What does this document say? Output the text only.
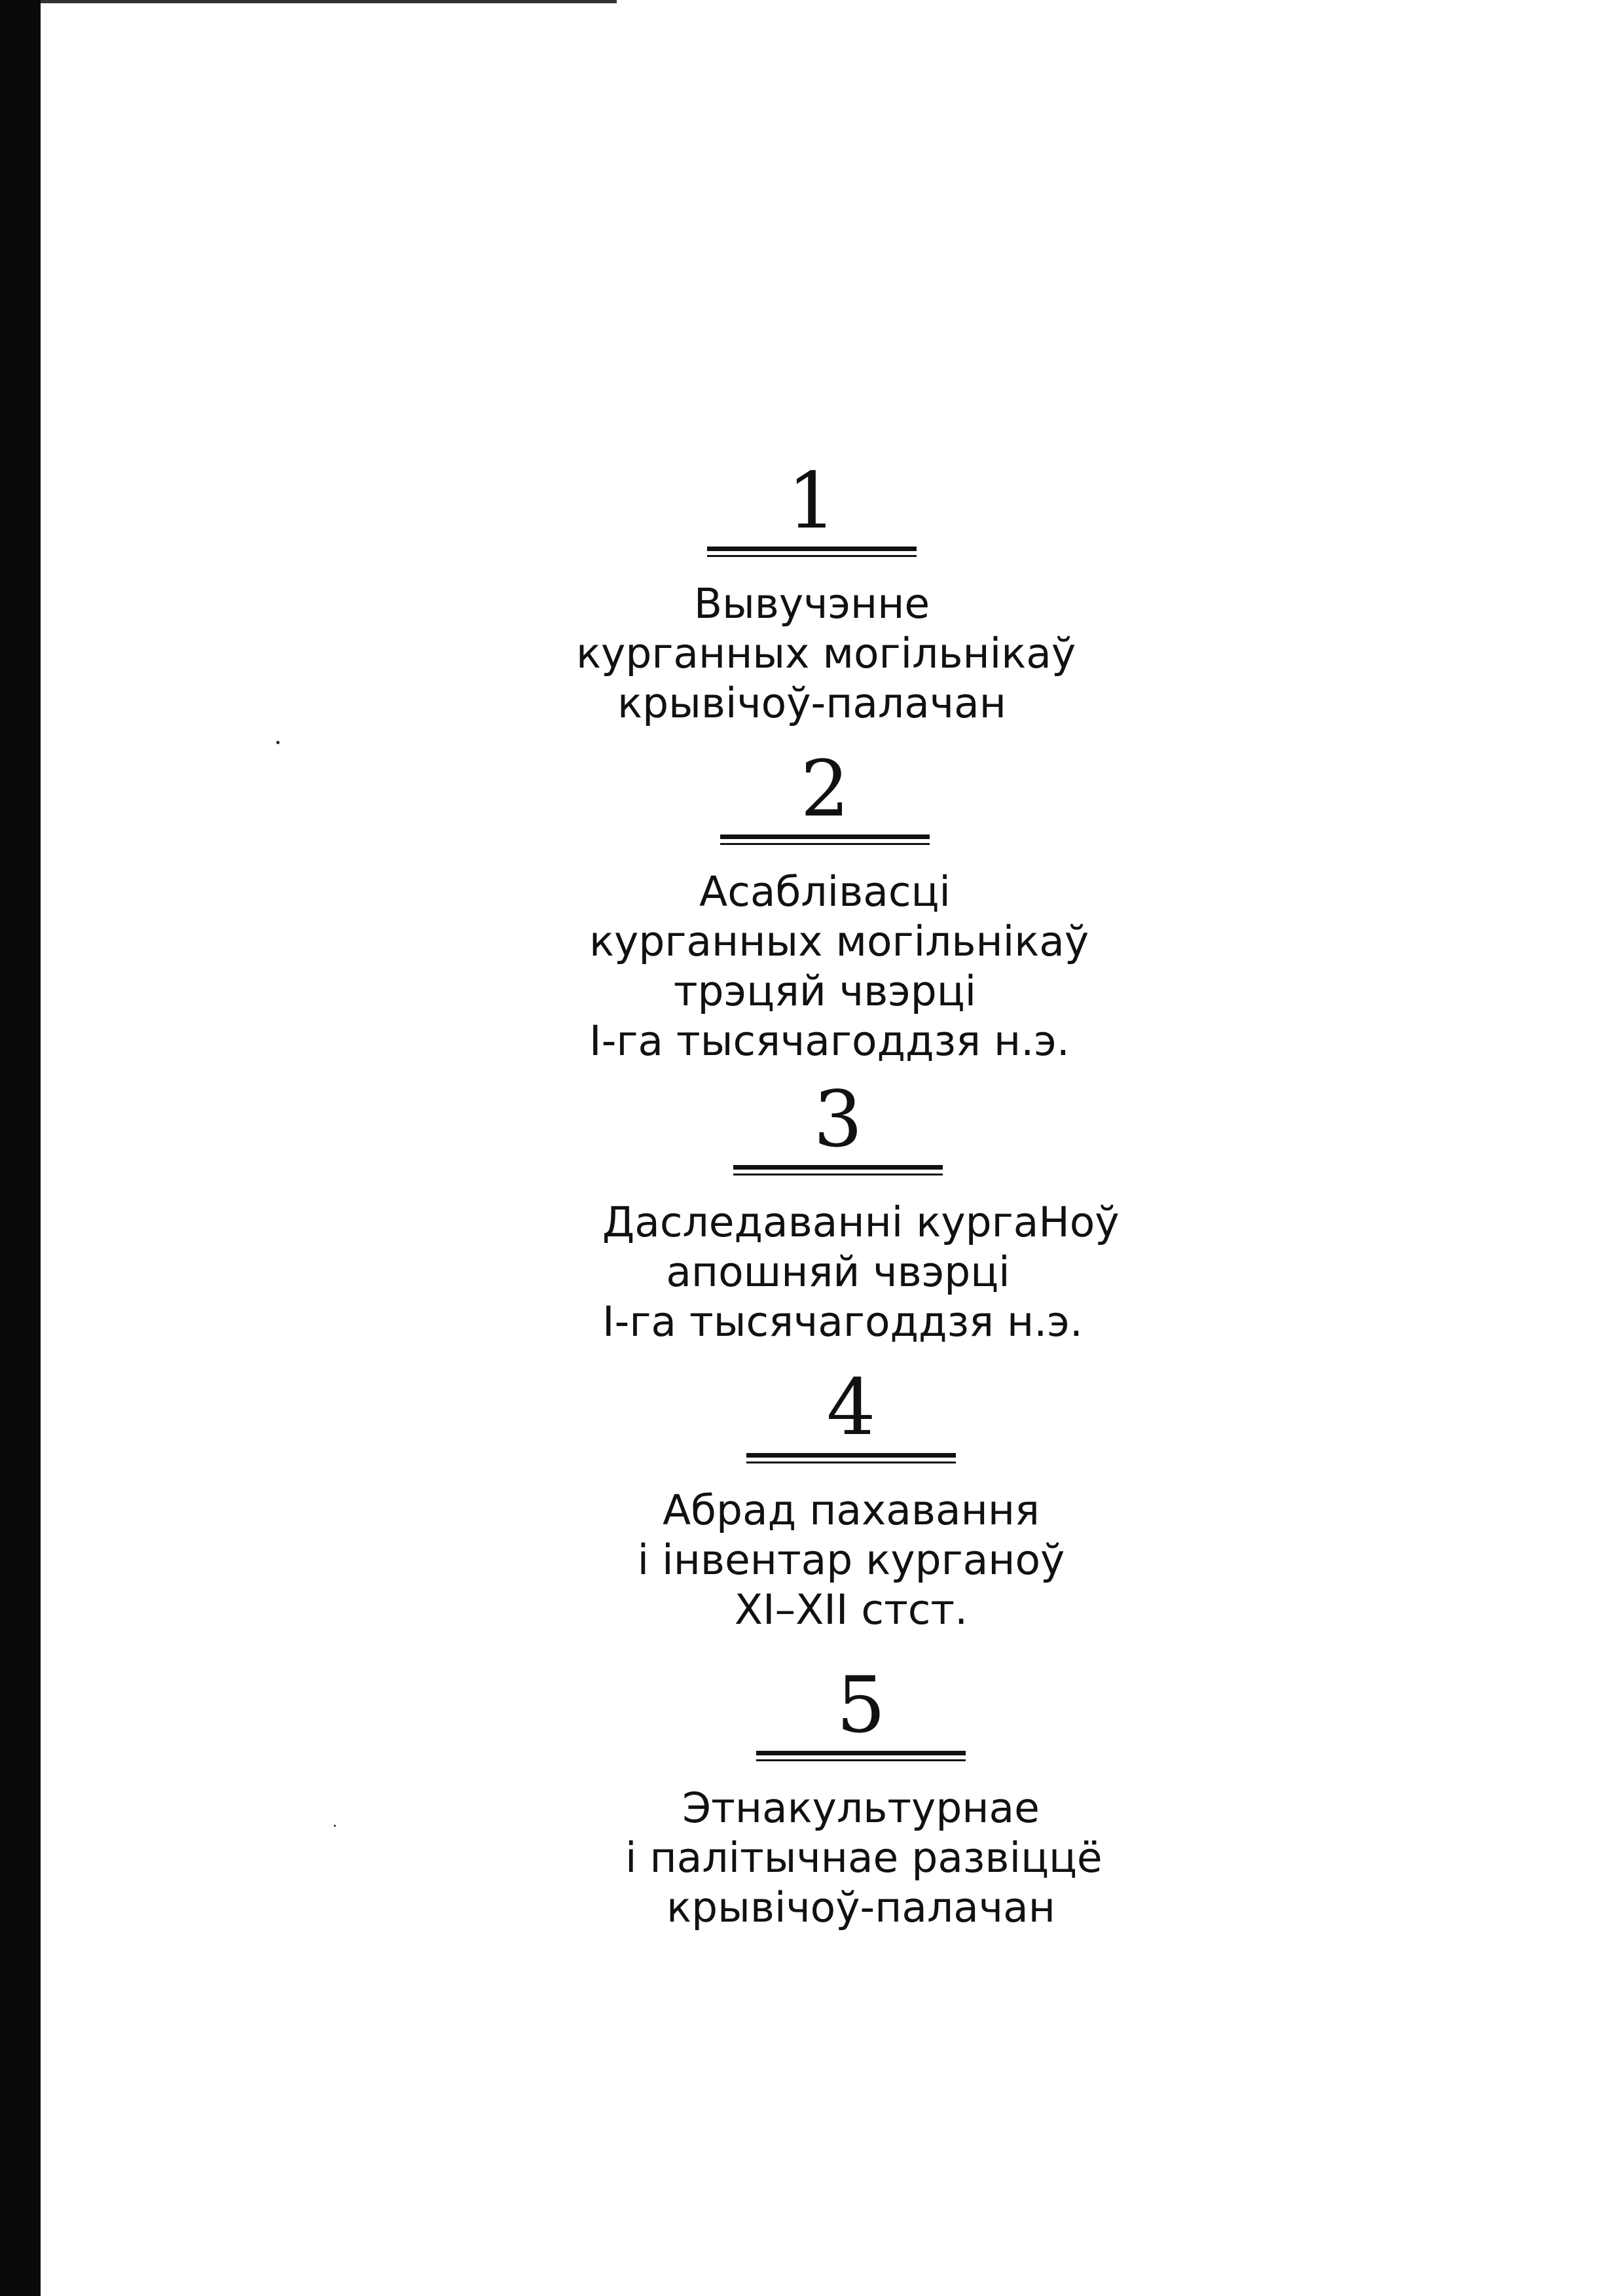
1
Вывучэнне
курганных могільнікаў
крывічоў-палачан
2
Асаблівасці
курганных могільнікаў
трэцяй чвэрці
І-га тысячагоддзя н.э.
3
Даследаванні кургаНоў
апошняй чвэрці
І-га тысячагоддзя н.э.
4
Абрад пахавання
і інвентар курганоў
XI–XII стст.
5
Этнакультурнае
і палітычнае развіццё
крывічоў-палачан
